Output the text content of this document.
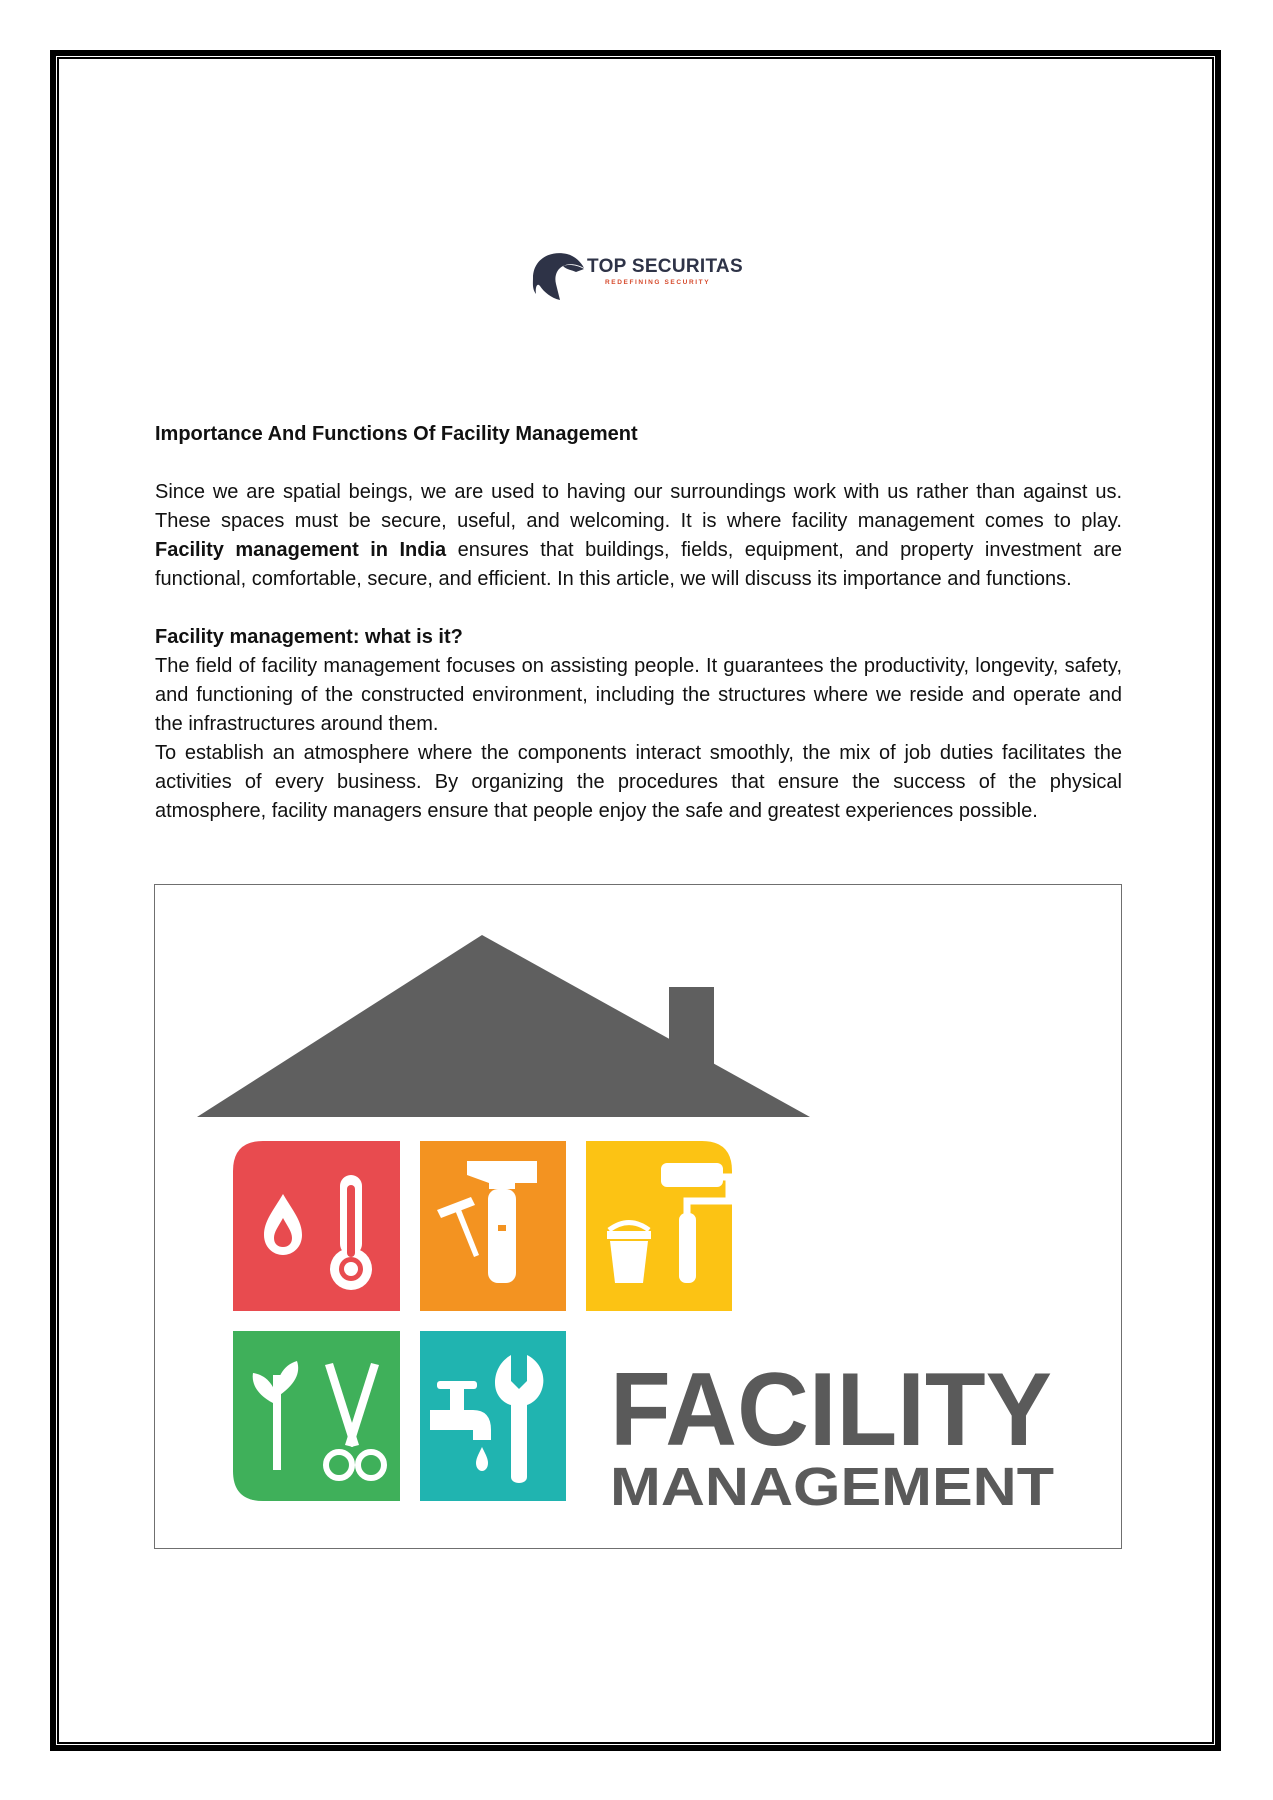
TOP SECURITAS
REDEFINING SECURITY
Importance And Functions Of Facility Management

Since we are spatial beings, we are used to having our surroundings work with us rather than against us. These spaces must be secure, useful, and welcoming. It is where facility management comes to play. Facility management in India ensures that buildings, fields, equipment, and property investment are functional, comfortable, secure, and efficient. In this article, we will discuss its importance and functions.

Facility management: what is it?

The field of facility management focuses on assisting people. It guarantees the productivity, longevity, safety, and functioning of the constructed environment, including the structures where we reside and operate and the infrastructures around them.

To establish an atmosphere where the components interact smoothly, the mix of job duties facilitates the activities of every business. By organizing the procedures that ensure the success of the physical atmosphere, facility managers ensure that people enjoy the safe and greatest experiences possible.

FACILITY
MANAGEMENT
